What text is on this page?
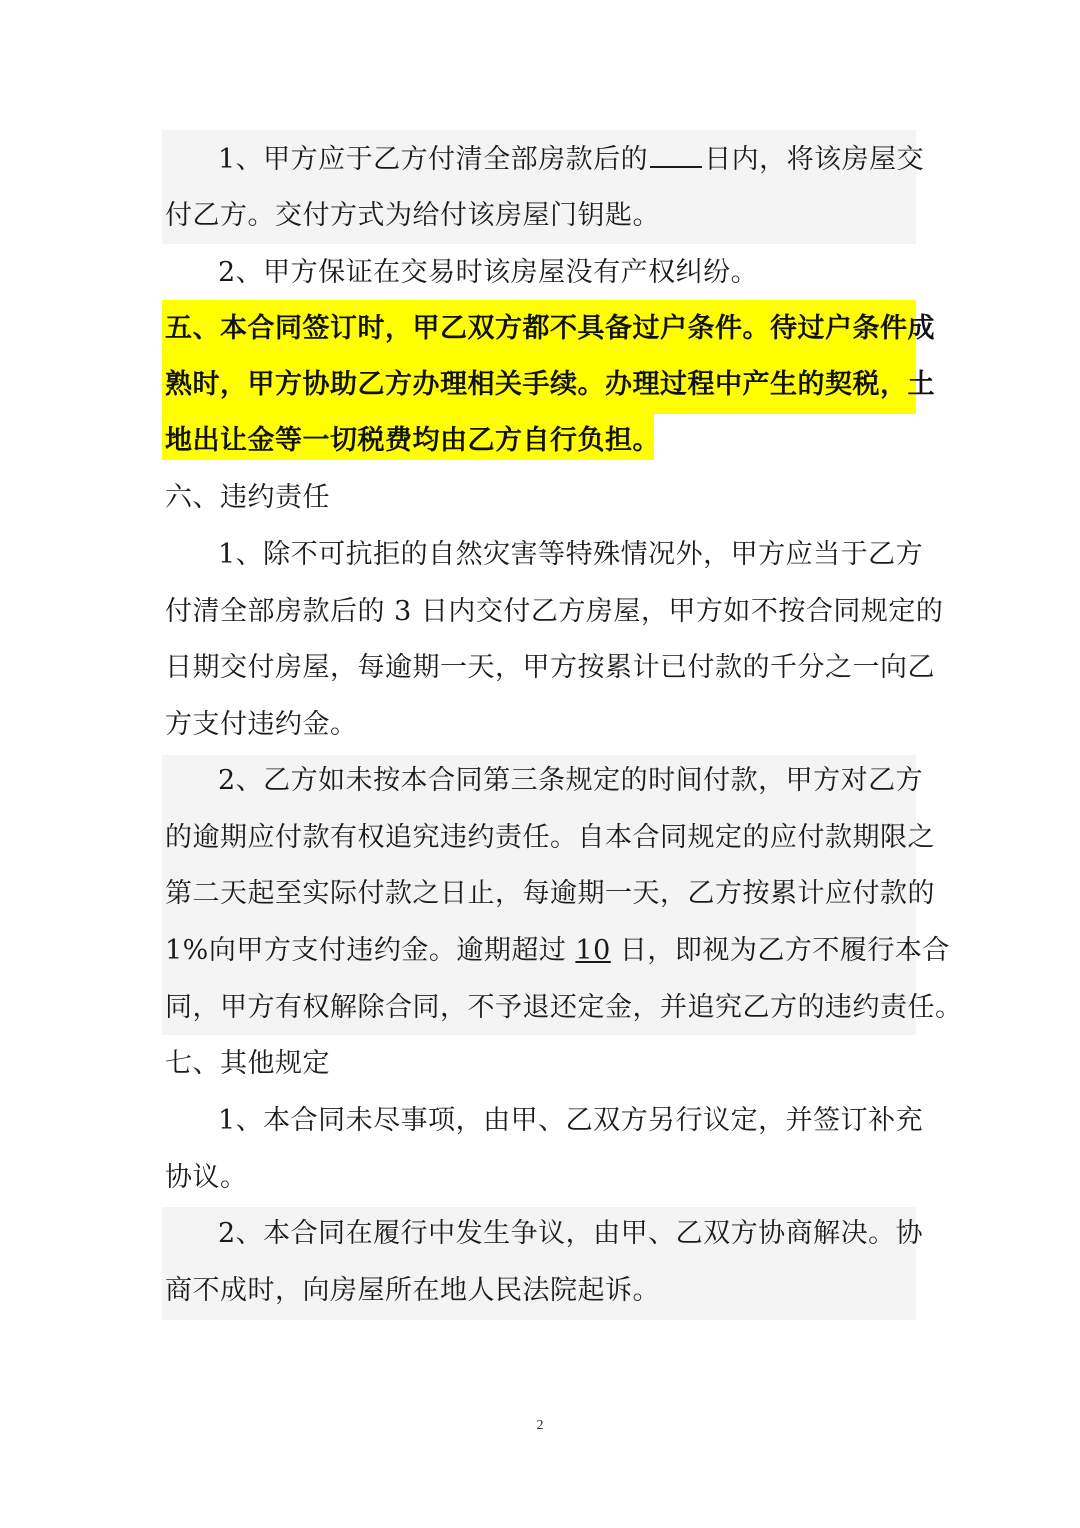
1、甲方应于乙方付清全部房款后的 日内，将该房屋交
付乙方。交付方式为给付该房屋门钥匙。
2、甲方保证在交易时该房屋没有产权纠纷。
五、本合同签订时，甲乙双方都不具备过户条件。待过户条件成
熟时，甲方协助乙方办理相关手续。办理过程中产生的契税，土
地出让金等一切税费均由乙方自行负担。
六、违约责任
1、除不可抗拒的自然灾害等特殊情况外，甲方应当于乙方
付清全部房款后的 3 日内交付乙方房屋，甲方如不按合同规定的
日期交付房屋，每逾期一天，甲方按累计已付款的千分之一向乙
方支付违约金。
2、乙方如未按本合同第三条规定的时间付款，甲方对乙方
的逾期应付款有权追究违约责任。自本合同规定的应付款期限之
第二天起至实际付款之日止，每逾期一天，乙方按累计应付款的
1%向甲方支付违约金。逾期超过 10 日，即视为乙方不履行本合
同，甲方有权解除合同，不予退还定金，并追究乙方的违约责任。
七、其他规定
1、本合同未尽事项，由甲、乙双方另行议定，并签订补充
协议。
2、本合同在履行中发生争议，由甲、乙双方协商解决。协
商不成时，向房屋所在地人民法院起诉。
2
